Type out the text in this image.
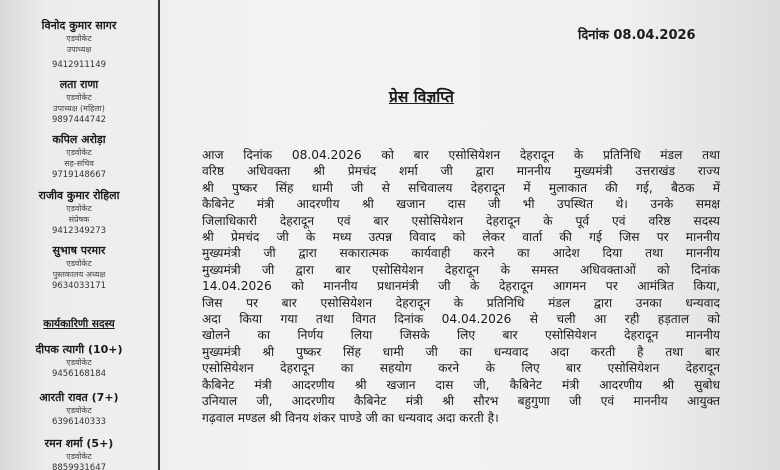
विनोद कुमार सागर
एडवोकेट
उपाध्यक्ष
9412911149
लता राणा
एडवोकेट
उपाध्यक्ष (महिला)
9897444742
कपिल अरोड़ा
एडवोकेट
सह-सचिव
9719148667
राजीव कुमार रोहिला
एडवोकेट
संप्रेषक
9412349273
सुभाष परमार
एडवोकेट
पुस्तकालय अध्यक्ष
9634033171
कार्यकारिणी सदस्य
दीपक त्यागी (10+)
एडवोकेट
9456168184
आरती रावत (7+)
एडवोकेट
6396140333
रमन शर्मा (5+)
एडवोकेट
8859931647
दिनांक 08.04.2026
प्रेस विज्ञप्ति
आज दिनांक 08.04.2026 को बार एसोसियेशन देहरादून के प्रतिनिधि मंडल तथा
वरिष्ठ अधिवक्ता श्री प्रेमचंद शर्मा जी द्वारा माननीय मुख्यमंत्री उत्तराखंड राज्य
श्री पुष्कर सिंह धामी जी से सचिवालय देहरादून में मुलाकात की गई, बैठक में
कैबिनेट मंत्री आदरणीय श्री खजान दास जी भी उपस्थित थे। उनके समक्ष
जिलाधिकारी देहरादून एवं बार एसोसियेशन देहरादून के पूर्व एवं वरिष्ठ सदस्य
श्री प्रेमचंद जी के मध्य उत्पन्न विवाद को लेकर वार्ता की गई जिस पर माननीय
मुख्यमंत्री जी द्वारा सकारात्मक कार्यवाही करने का आदेश दिया तथा माननीय
मुख्यमंत्री जी द्वारा बार एसोसियेशन देहरादून के समस्त अधिवक्ताओं को दिनांक
14.04.2026 को माननीय प्रधानमंत्री जी के देहरादून आगमन पर आमंत्रित किया,
जिस पर बार एसोसियेशन देहरादून के प्रतिनिधि मंडल द्वारा उनका धन्यवाद
अदा किया गया तथा विगत दिनांक 04.04.2026 से चली आ रही हड़ताल को
खोलने का निर्णय लिया जिसके लिए बार एसोसियेशन देहरादून माननीय
मुख्यमंत्री श्री पुष्कर सिंह धामी जी का धन्यवाद अदा करती है तथा बार
एसोसियेशन देहरादून का सहयोग करने के लिए बार एसोसियेशन देहरादून
कैबिनेट मंत्री आदरणीय श्री खजान दास जी, कैबिनेट मंत्री आदरणीय श्री सुबोध
उनियाल जी, आदरणीय कैबिनेट मंत्री श्री सौरभ बहुगुणा जी एवं माननीय आयुक्त
गढ़वाल मण्डल श्री विनय शंकर पाण्डे जी का धन्यवाद अदा करती है।
